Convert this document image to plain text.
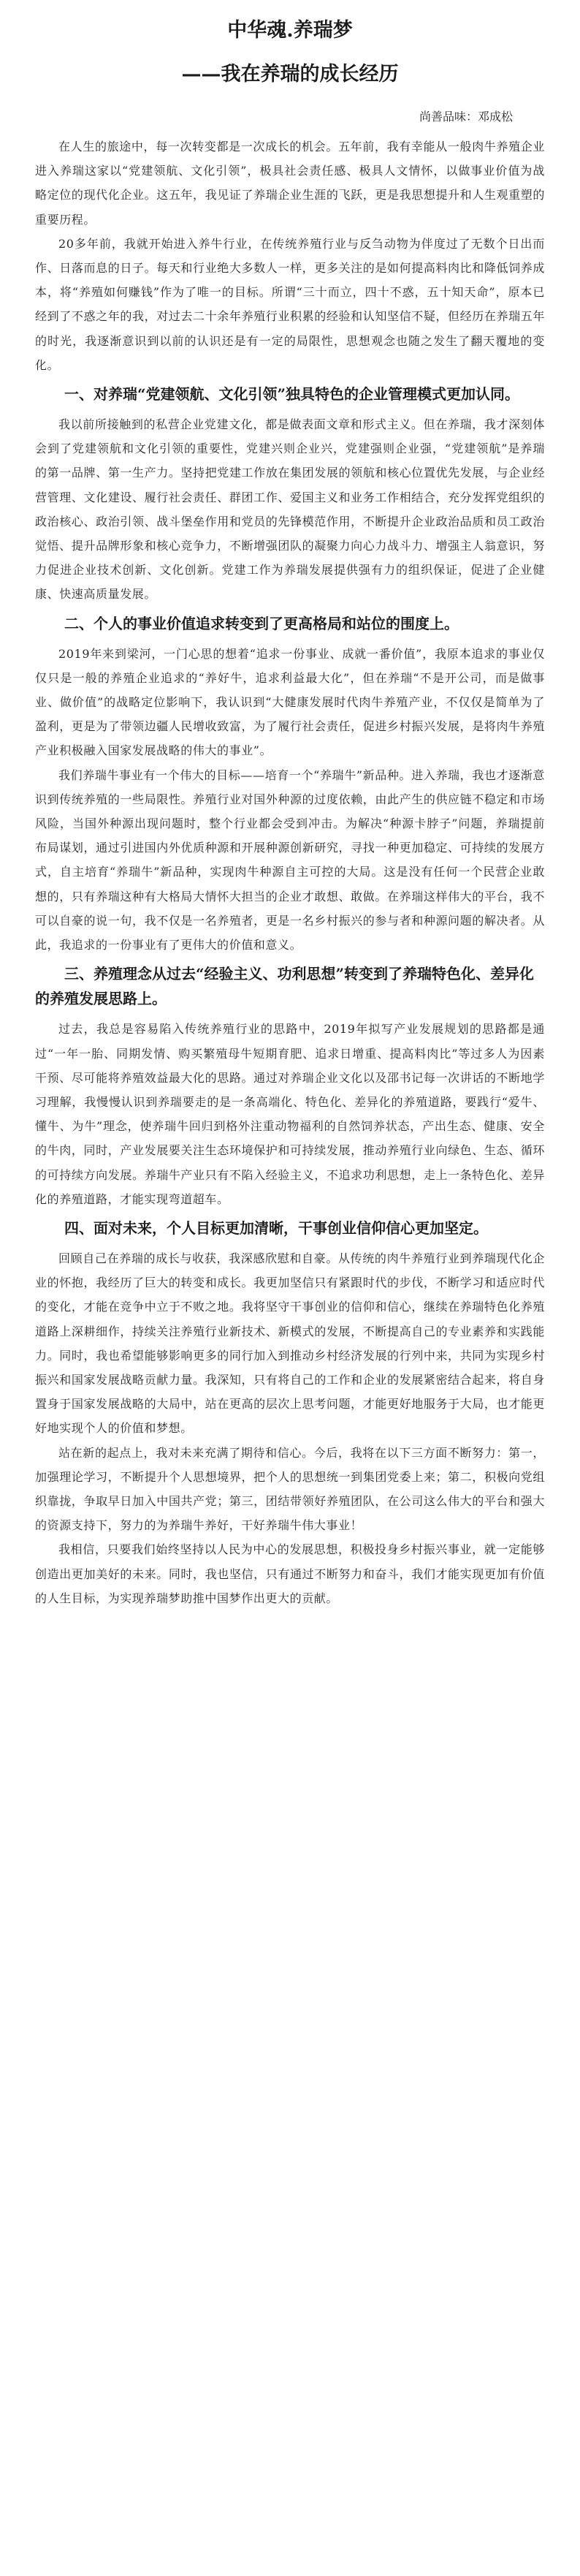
中华魂.养瑞梦
——我在养瑞的成长经历
尚善品味：邓成松

在人生的旅途中，每一次转变都是一次成长的机会。五年前，我有幸能从一般肉牛养殖企业进入养瑞这家以“党建领航、文化引领”，极具社会责任感、极具人文情怀，以做事业价值为战略定位的现代化企业。这五年，我见证了养瑞企业生涯的飞跃，更是我思想提升和人生观重塑的重要历程。

20多年前，我就开始进入养牛行业，在传统养殖行业与反刍动物为伴度过了无数个日出而作、日落而息的日子。每天和行业绝大多数人一样，更多关注的是如何提高料肉比和降低饲养成本，将“养殖如何赚钱”作为了唯一的目标。所谓“三十而立，四十不惑，五十知天命”，原本已经到了不惑之年的我，对过去二十余年养殖行业积累的经验和认知坚信不疑，但经历在养瑞五年的时光，我逐渐意识到以前的认识还是有一定的局限性，思想观念也随之发生了翻天覆地的变化。

一、对养瑞“党建领航、文化引领”独具特色的企业管理模式更加认同。

我以前所接触到的私营企业党建文化，都是做表面文章和形式主义。但在养瑞，我才深刻体会到了党建领航和文化引领的重要性，党建兴则企业兴，党建强则企业强，“党建领航”是养瑞的第一品牌、第一生产力。坚持把党建工作放在集团发展的领航和核心位置优先发展，与企业经营管理、文化建设、履行社会责任、群团工作、爱国主义和业务工作相结合，充分发挥党组织的政治核心、政治引领、战斗堡垒作用和党员的先锋模范作用，不断提升企业政治品质和员工政治觉悟、提升品牌形象和核心竞争力，不断增强团队的凝聚力向心力战斗力、增强主人翁意识，努力促进企业技术创新、文化创新。党建工作为养瑞发展提供强有力的组织保证，促进了企业健康、快速高质量发展。

二、个人的事业价值追求转变到了更高格局和站位的围度上。

2019年来到梁河，一门心思的想着“追求一份事业、成就一番价值”，我原本追求的事业仅仅只是一般的养殖企业追求的“养好牛，追求利益最大化”，但在养瑞“不是开公司，而是做事业、做价值”的战略定位影响下，我认识到“大健康发展时代肉牛养殖产业，不仅仅是简单为了盈利，更是为了带领边疆人民增收致富，为了履行社会责任，促进乡村振兴发展，是将肉牛养殖产业积极融入国家发展战略的伟大的事业”。

我们养瑞牛事业有一个伟大的目标——培育一个“养瑞牛”新品种。进入养瑞，我也才逐渐意识到传统养殖的一些局限性。养殖行业对国外种源的过度依赖，由此产生的供应链不稳定和市场风险，当国外种源出现问题时，整个行业都会受到冲击。为解决“种源卡脖子”问题，养瑞提前布局谋划，通过引进国内外优质种源和开展种源创新研究，寻找一种更加稳定、可持续的发展方式，自主培育“养瑞牛”新品种，实现肉牛种源自主可控的大局。这是没有任何一个民营企业敢想的，只有养瑞这种有大格局大情怀大担当的企业才敢想、敢做。在养瑞这样伟大的平台，我不可以自豪的说一句，我不仅是一名养殖者，更是一名乡村振兴的参与者和种源问题的解决者。从此，我追求的一份事业有了更伟大的价值和意义。

三、养殖理念从过去“经验主义、功利思想”转变到了养瑞特色化、差异化的养殖发展思路上。

过去，我总是容易陷入传统养殖行业的思路中，2019年拟写产业发展规划的思路都是通过“一年一胎、同期发情、购买繁殖母牛短期育肥、追求日增重、提高料肉比”等过多人为因素干预、尽可能将养殖效益最大化的思路。通过对养瑞企业文化以及邵书记每一次讲话的不断地学习理解，我慢慢认识到养瑞要走的是一条高端化、特色化、差异化的养殖道路，要践行“爱牛、懂牛、为牛”理念，使养瑞牛回归到格外注重动物福利的自然饲养状态，产出生态、健康、安全的牛肉，同时，产业发展要关注生态环境保护和可持续发展，推动养殖行业向绿色、生态、循环的可持续方向发展。养瑞牛产业只有不陷入经验主义，不追求功利思想，走上一条特色化、差异化的养殖道路，才能实现弯道超车。

四、面对未来，个人目标更加清晰，干事创业信仰信心更加坚定。

回顾自己在养瑞的成长与收获，我深感欣慰和自豪。从传统的肉牛养殖行业到养瑞现代化企业的怀抱，我经历了巨大的转变和成长。我更加坚信只有紧跟时代的步伐，不断学习和适应时代的变化，才能在竞争中立于不败之地。我将坚守干事创业的信仰和信心，继续在养瑞特色化养殖道路上深耕细作，持续关注养殖行业新技术、新模式的发展，不断提高自己的专业素养和实践能力。同时，我也希望能够影响更多的同行加入到推动乡村经济发展的行列中来，共同为实现乡村振兴和国家发展战略贡献力量。我深知，只有将自己的工作和企业的发展紧密结合起来，将自身置身于国家发展战略的大局中，站在更高的层次上思考问题，才能更好地服务于大局，也才能更好地实现个人的价值和梦想。

站在新的起点上，我对未来充满了期待和信心。今后，我将在以下三方面不断努力：第一，加强理论学习，不断提升个人思想境界，把个人的思想统一到集团党委上来；第二，积极向党组织靠拢，争取早日加入中国共产党；第三，团结带领好养殖团队，在公司这么伟大的平台和强大的资源支持下，努力的为养瑞牛养好，干好养瑞牛伟大事业！

我相信，只要我们始终坚持以人民为中心的发展思想，积极投身乡村振兴事业，就一定能够创造出更加美好的未来。同时，我也坚信，只有通过不断努力和奋斗，我们才能实现更加有价值的人生目标，为实现养瑞梦助推中国梦作出更大的贡献。
